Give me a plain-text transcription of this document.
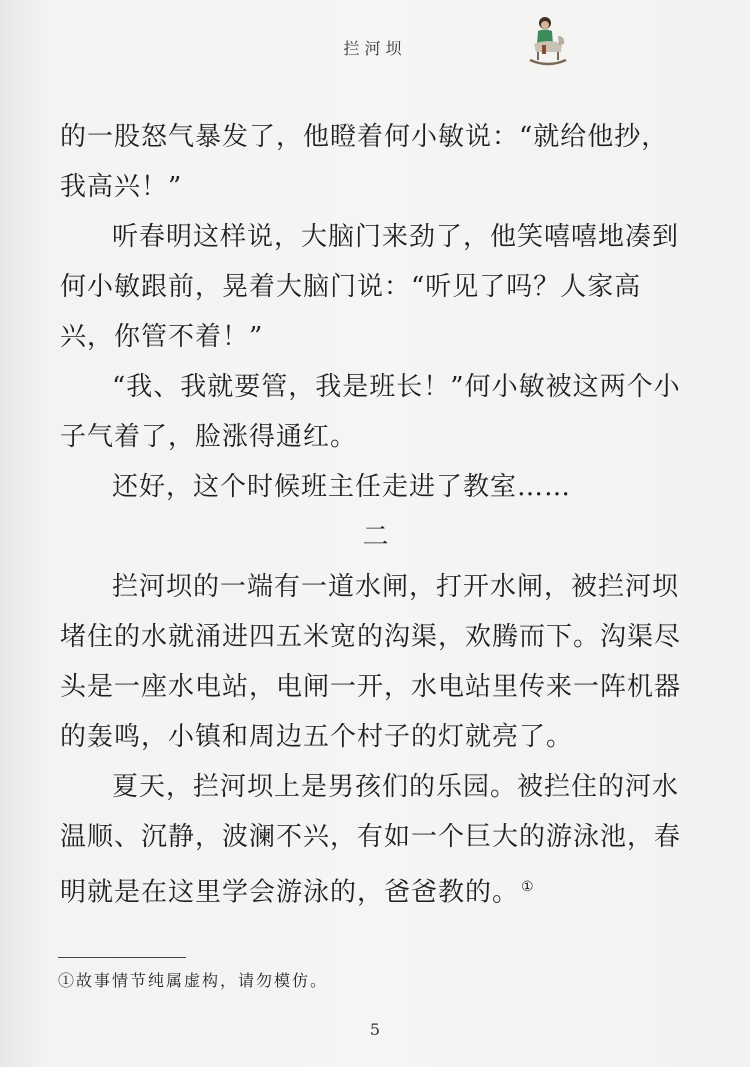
拦河坝

的一股怒气暴发了，他瞪着何小敏说：“就给他抄，我高兴！”

听春明这样说，大脑门来劲了，他笑嘻嘻地凑到何小敏跟前，晃着大脑门说：“听见了吗？人家高兴，你管不着！”

“我、我就要管，我是班长！”何小敏被这两个小子气着了，脸涨得通红。

还好，这个时候班主任走进了教室……

二

拦河坝的一端有一道水闸，打开水闸，被拦河坝堵住的水就涌进四五米宽的沟渠，欢腾而下。沟渠尽头是一座水电站，电闸一开，水电站里传来一阵机器的轰鸣，小镇和周边五个村子的灯就亮了。

夏天，拦河坝上是男孩们的乐园。被拦住的河水温顺、沉静，波澜不兴，有如一个巨大的游泳池，春明就是在这里学会游泳的，爸爸教的。 ①

①故事情节纯属虚构，请勿模仿。
5
